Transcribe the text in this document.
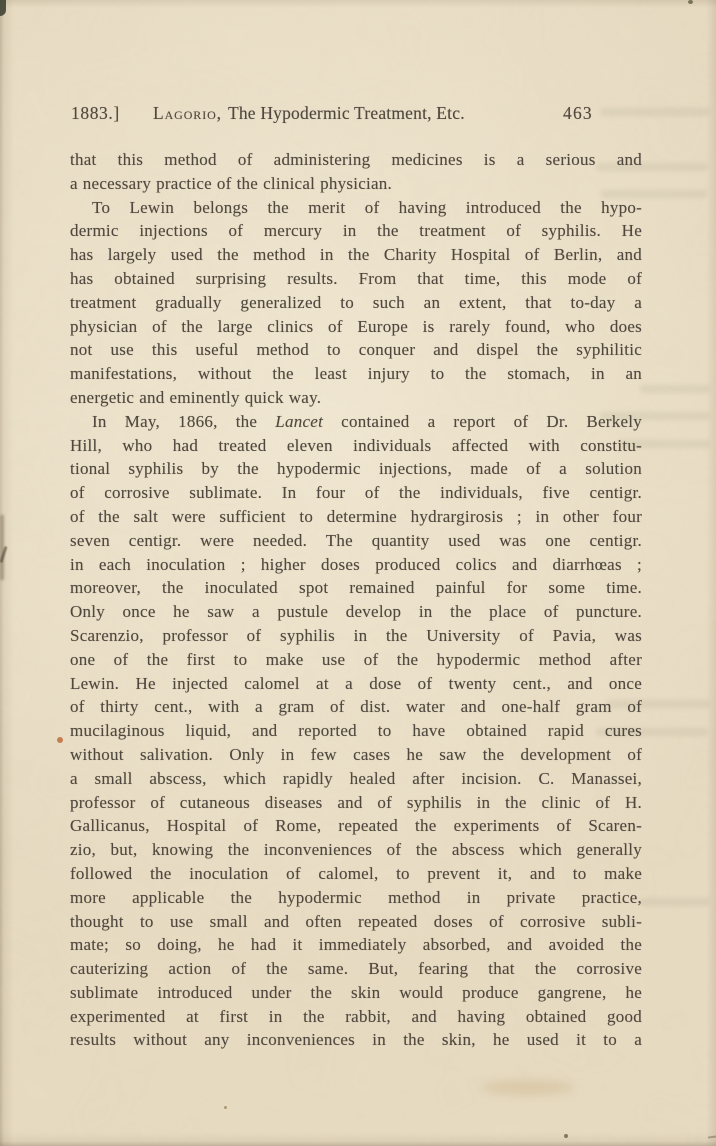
1883.] Lagorio, The Hypodermic Treatment, Etc.	463
that this method of administering medicines is a serious and
a necessary practice of the clinical physician.
To Lewin belongs the merit of having introduced the hypo-
dermic injections of mercury in the treatment of syphilis. He
has largely used the method in the Charity Hospital of Berlin, and
has obtained surprising results. From that time, this mode of
treatment gradually generalized to such an extent, that to-day a
physician of the large clinics of Europe is rarely found, who does
not use this useful method to conquer and dispel the syphilitic
manifestations, without the least injury to the stomach, in an
energetic and eminently quick way.
In May, 1866, the Lancet contained a report of Dr. Berkely
Hill, who had treated eleven individuals affected with constitu-
tional syphilis by the hypodermic injections, made of a solution
of corrosive sublimate. In four of the individuals, five centigr.
of the salt were sufficient to determine hydrargirosis ; in other four
seven centigr. were needed. The quantity used was one centigr.
in each inoculation ; higher doses produced colics and diarrhœas ;
moreover, the inoculated spot remained painful for some time.
Only once he saw a pustule develop in the place of puncture.
Scarenzio, professor of syphilis in the University of Pavia, was
one of the first to make use of the hypodermic method after
Lewin. He injected calomel at a dose of twenty cent., and once
of thirty cent., with a gram of dist. water and one-half gram of
mucilaginous liquid, and reported to have obtained rapid cures
without salivation. Only in few cases he saw the development of
a small abscess, which rapidly healed after incision. C. Manassei,
professor of cutaneous diseases and of syphilis in the clinic of H.
Gallicanus, Hospital of Rome, repeated the experiments of Scaren-
zio, but, knowing the inconveniences of the abscess which generally
followed the inoculation of calomel, to prevent it, and to make
more applicable the hypodermic method in private practice,
thought to use small and often repeated doses of corrosive subli-
mate; so doing, he had it immediately absorbed, and avoided the
cauterizing action of the same. But, fearing that the corrosive
sublimate introduced under the skin would produce gangrene, he
experimented at first in the rabbit, and having obtained good
results without any inconveniences in the skin, he used it to a
